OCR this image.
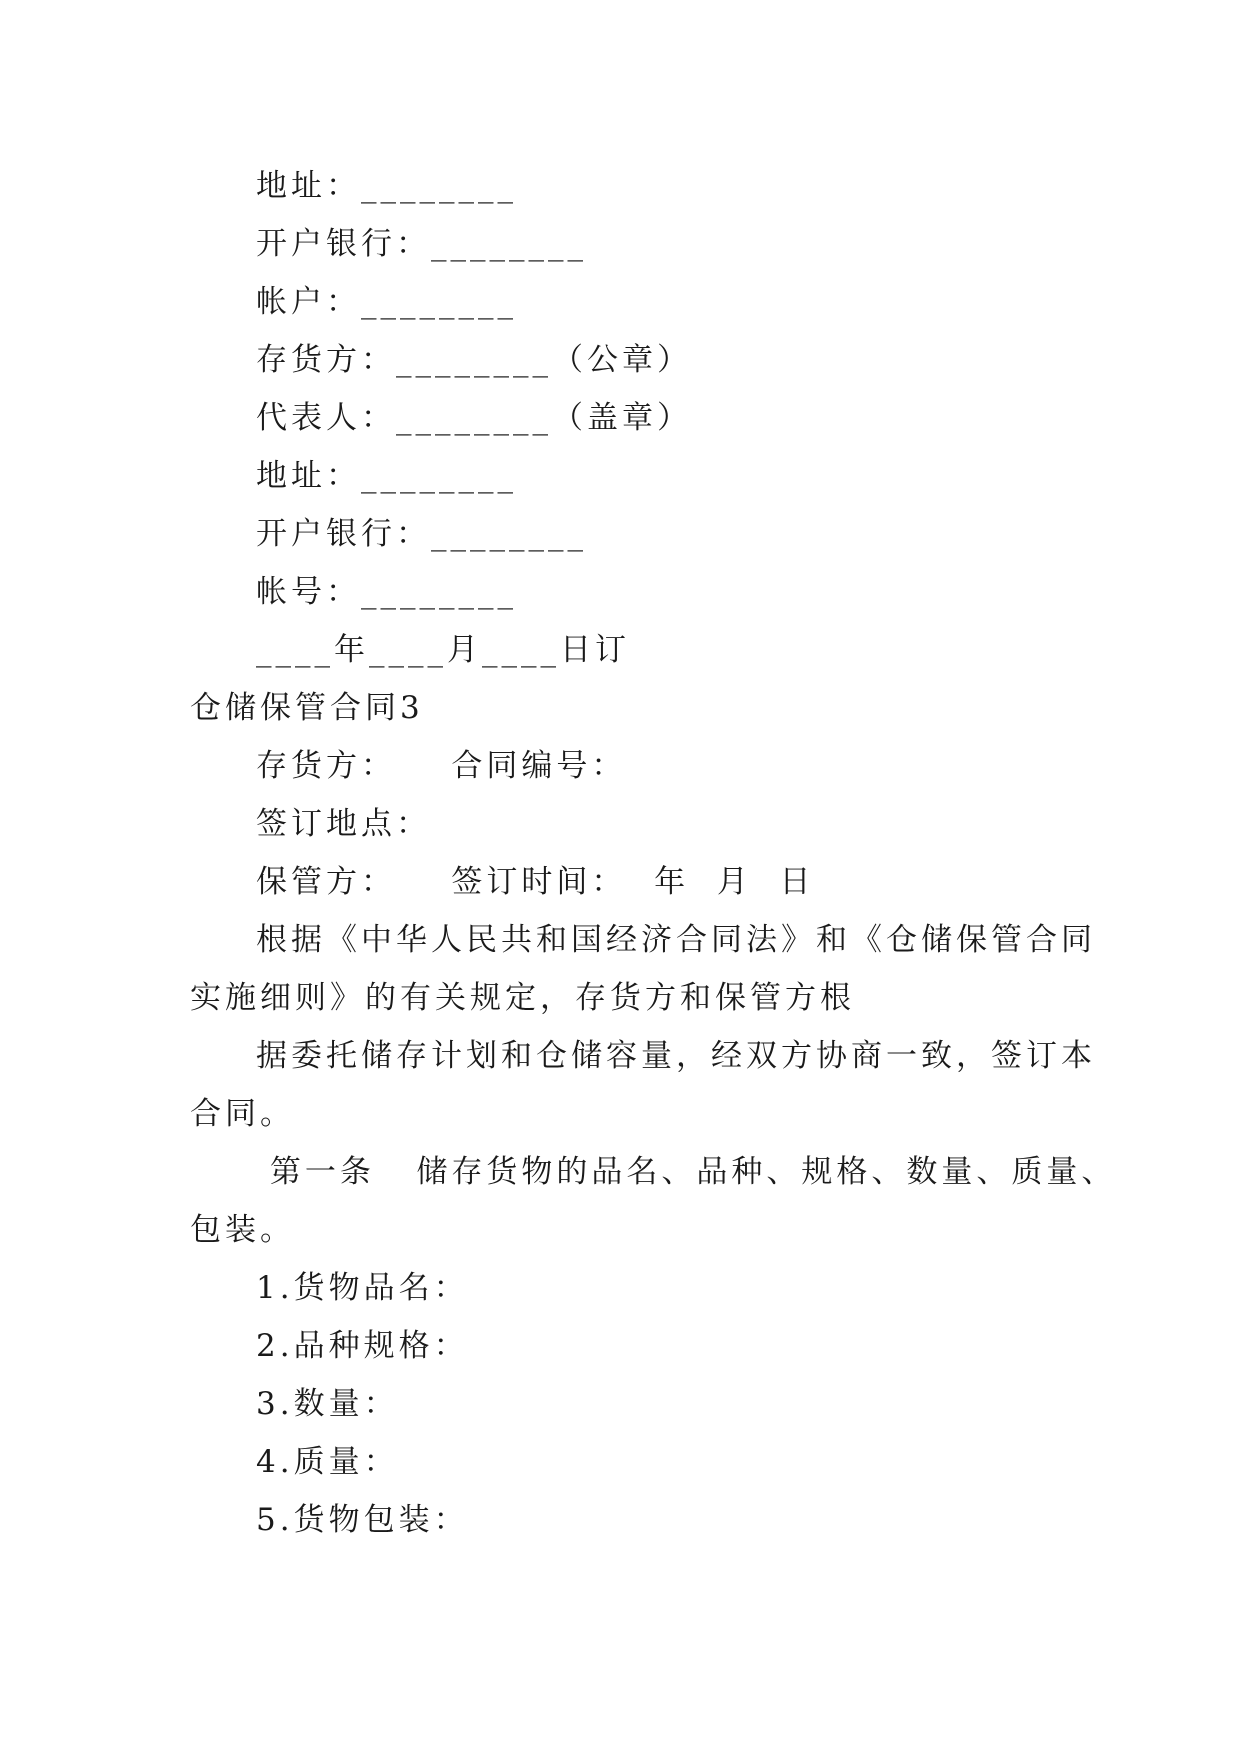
地址：________
开户银行：________
帐户：________
存货方：________（公章）
代表人：________（盖章）
地址：________
开户银行：________
帐号：________
____年____月____日订
仓储保管合同3
存货方：    合同编号：
签订地点：
保管方：    签订时间：  年  月  日
根据《中华人民共和国经济合同法》和《仓储保管合同
实施细则》的有关规定，存货方和保管方根
据委托储存计划和仓储容量，经双方协商一致，签订本
合同。
第一条   储存货物的品名、品种、规格、数量、质量、
包装。
1.货物品名：
2.品种规格：
3.数量：
4.质量：
5.货物包装：
